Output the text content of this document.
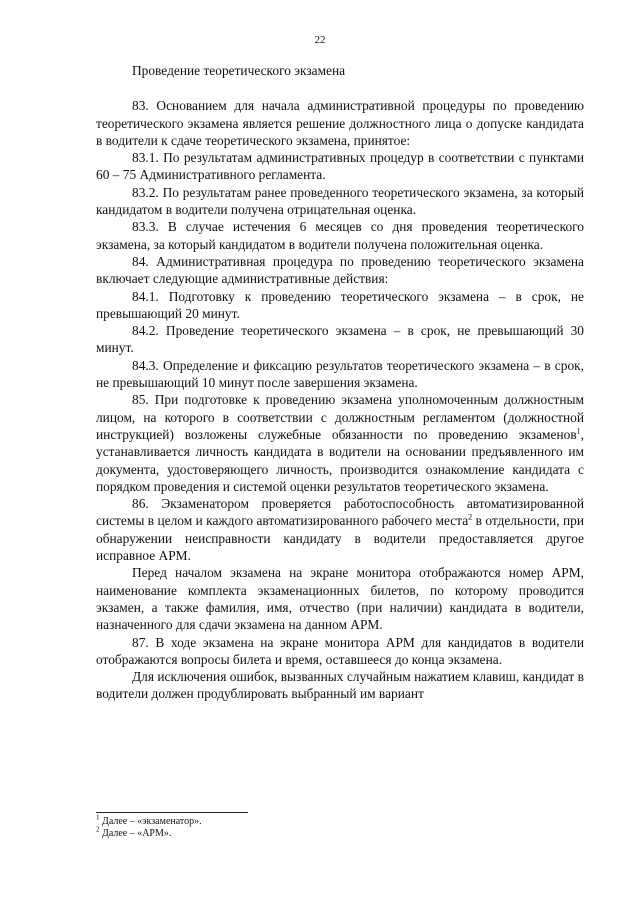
22
Проведение теоретического экзамена

83. Основанием для начала административной процедуры по проведению теоретического экзамена является решение должностного лица о допуске кандидата в водители к сдаче теоретического экзамена, принятое:

83.1. По результатам административных процедур в соответствии с пунктами 60 – 75 Административного регламента.

83.2. По результатам ранее проведенного теоретического экзамена, за который кандидатом в водители получена отрицательная оценка.

83.3. В случае истечения 6 месяцев со дня проведения теоретического экзамена, за который кандидатом в водители получена положительная оценка.

84. Административная процедура по проведению теоретического экзамена включает следующие административные действия:

84.1. Подготовку к проведению теоретического экзамена – в срок, не превышающий 20 минут.

84.2. Проведение теоретического экзамена – в срок, не превышающий 30 минут.

84.3. Определение и фиксацию результатов теоретического экзамена – в срок, не превышающий 10 минут после завершения экзамена.

85. При подготовке к проведению экзамена уполномоченным должностным лицом, на которого в соответствии с должностным регламентом (должностной инструкцией) возложены служебные обязанности по проведению экзаменов$^1$, устанавливается личность кандидата в водители на основании предъявленного им документа, удостоверяющего личность, производится ознакомление кандидата с порядком проведения и системой оценки результатов теоретического экзамена.

86. Экзаменатором проверяется работоспособность автоматизированной системы в целом и каждого автоматизированного рабочего места$^2$ в отдельности, при обнаружении неисправности кандидату в водители предоставляется другое исправное АРМ.

Перед началом экзамена на экране монитора отображаются номер АРМ, наименование комплекта экзаменационных билетов, по которому проводится экзамен, а также фамилия, имя, отчество (при наличии) кандидата в водители, назначенного для сдачи экзамена на данном АРМ.

87. В ходе экзамена на экране монитора АРМ для кандидатов в водители отображаются вопросы билета и время, оставшееся до конца экзамена.

Для исключения ошибок, вызванных случайным нажатием клавиш, кандидат в водители должен продублировать выбранный им вариант

$^1$ Далее – «экзаменатор».
$^2$ Далее – «АРМ».
